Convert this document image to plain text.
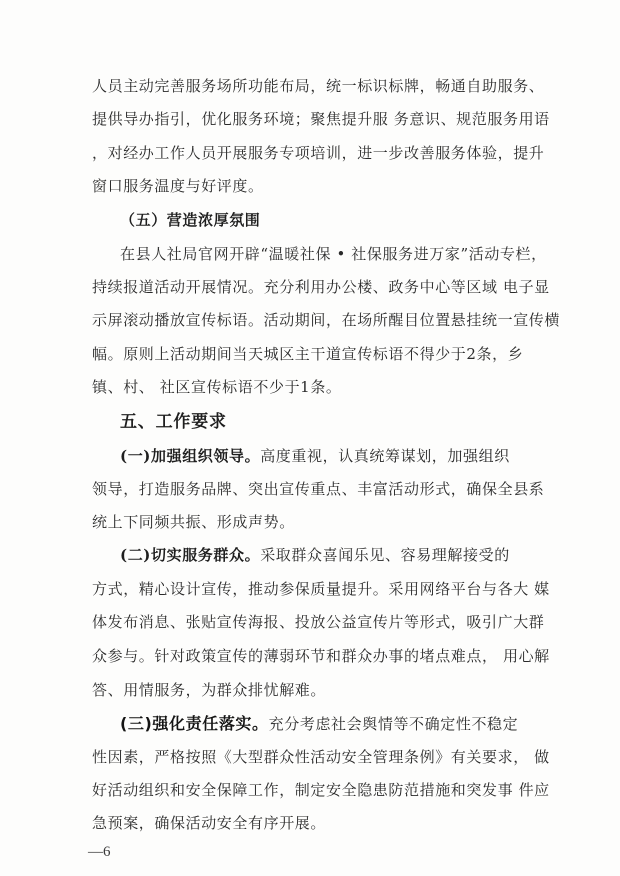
人员主动完善服务场所功能布局，统一标识标牌，畅通自助服务、
提供导办指引，优化服务环境；聚焦提升服 务意识、规范服务用语
，对经办工作人员开展服务专项培训，进一步改善服务体验，提升
窗口服务温度与好评度。
（五）营造浓厚氛围
在县人社局官网开辟“温暖社保 • 社保服务进万家”活动专栏，
持续报道活动开展情况。充分利用办公楼、政务中心等区域 电子显
示屏滚动播放宣传标语。活动期间，在场所醒目位置悬挂统一宣传横
幅。原则上活动期间当天城区主干道宣传标语不得少于2条，乡
镇、村、 社区宣传标语不少于1条。
五、工作要求
(一)加强组织领导。高度重视，认真统筹谋划，加强组织
领导，打造服务品牌、突出宣传重点、丰富活动形式，确保全县系
统上下同频共振、形成声势。
(二)切实服务群众。采取群众喜闻乐见、容易理解接受的
方式，精心设计宣传，推动参保质量提升。采用网络平台与各大 媒
体发布消息、张贴宣传海报、投放公益宣传片等形式，吸引广大群
众参与。针对政策宣传的薄弱环节和群众办事的堵点难点， 用心解
答、用情服务，为群众排忧解难。
(三)强化责任落实。充分考虑社会舆情等不确定性不稳定
性因素，严格按照《大型群众性活动安全管理条例》有关要求， 做
好活动组织和安全保障工作，制定安全隐患防范措施和突发事 件应
急预案，确保活动安全有序开展。
—6
